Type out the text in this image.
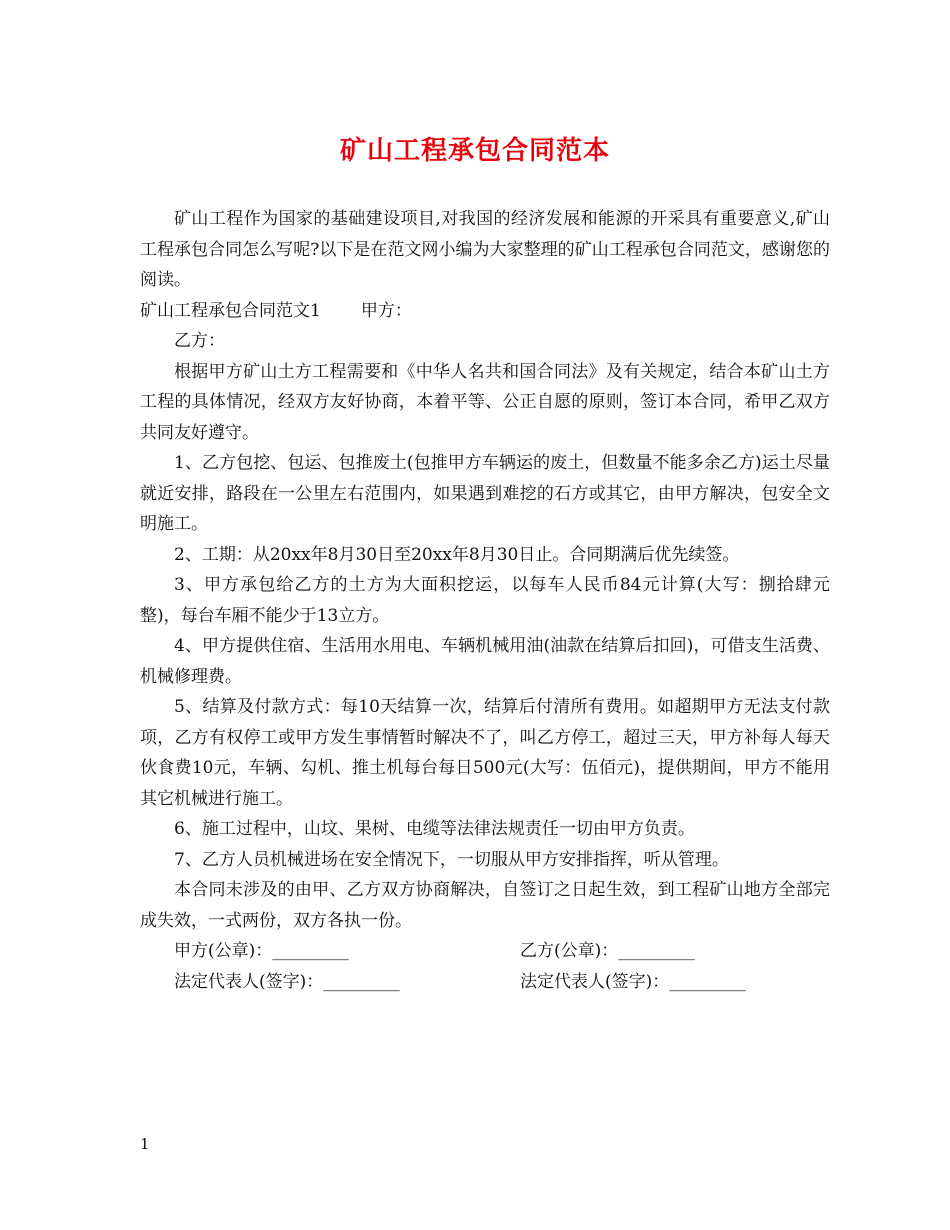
矿山工程承包合同范本

矿山工程作为国家的基础建设项目,对我国的经济发展和能源的开采具有重要意义,矿山工程承包合同怎么写呢?以下是在范文网小编为大家整理的矿山工程承包合同范文，感谢您的阅读。

矿山工程承包合同范文1 甲方：

乙方：

根据甲方矿山土方工程需要和《中华人名共和国合同法》及有关规定，结合本矿山土方工程的具体情况，经双方友好协商，本着平等、公正自愿的原则，签订本合同，希甲乙双方共同友好遵守。

1、乙方包挖、包运、包推废土(包推甲方车辆运的废土，但数量不能多余乙方)运土尽量就近安排，路段在一公里左右范围内，如果遇到难挖的石方或其它，由甲方解决，包安全文明施工。

2、工期：从20xx年8月30日至20xx年8月30日止。合同期满后优先续签。

3、甲方承包给乙方的土方为大面积挖运，以每车人民币84元计算(大写：捌拾肆元整)，每台车厢不能少于13立方。

4、甲方提供住宿、生活用水用电、车辆机械用油(油款在结算后扣回)，可借支生活费、机械修理费。

5、结算及付款方式：每10天结算一次，结算后付清所有费用。如超期甲方无法支付款项，乙方有权停工或甲方发生事情暂时解决不了，叫乙方停工，超过三天，甲方补每人每天伙食费10元，车辆、勾机、推土机每台每日500元(大写：伍佰元)，提供期间，甲方不能用其它机械进行施工。

6、施工过程中，山坟、果树、电缆等法律法规责任一切由甲方负责。

7、乙方人员机械进场在安全情况下，一切服从甲方安排指挥，听从管理。

本合同未涉及的由甲、乙方双方协商解决，自签订之日起生效，到工程矿山地方全部完成失效，一式两份，双方各执一份。

甲方(公章)：_________	乙方(公章)：_________
法定代表人(签字)：_________	法定代表人(签字)：_________
1
